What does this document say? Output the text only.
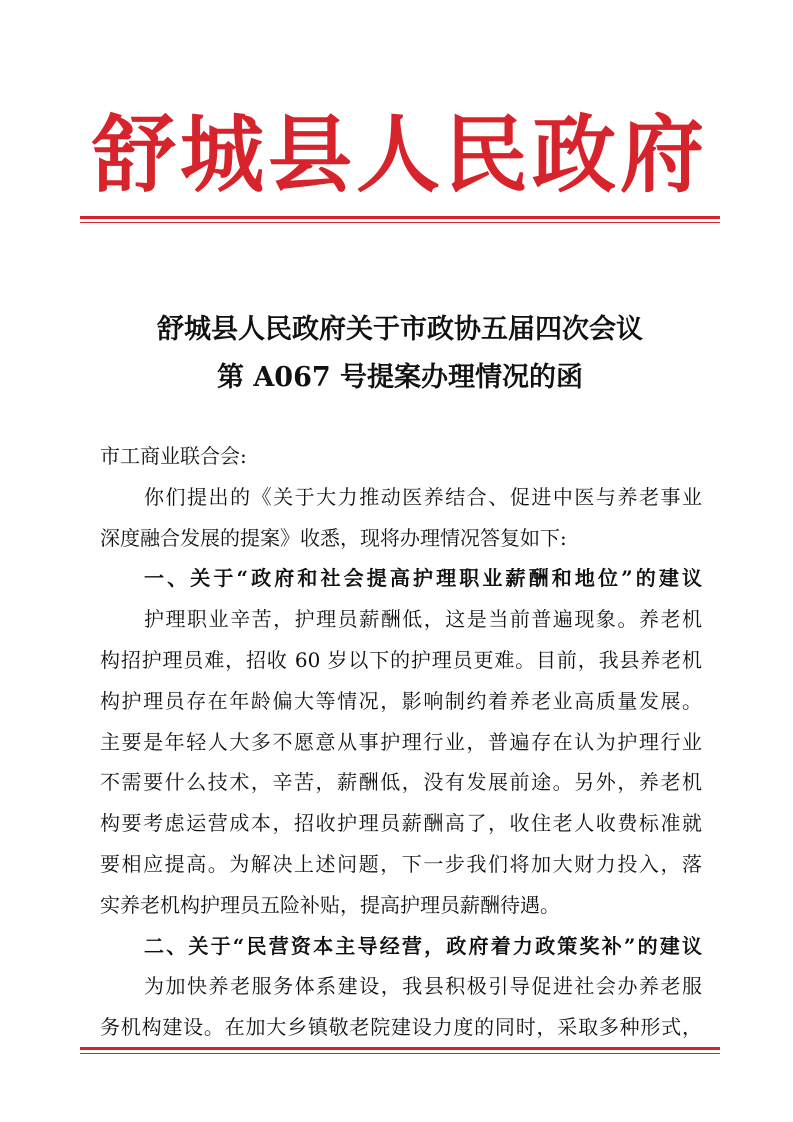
舒城县人民政府
舒城县人民政府关于市政协五届四次会议
第 A067 号提案办理情况的函
市工商业联合会:
你们提出的《关于大力推动医养结合、促进中医与养老事业
深度融合发展的提案》收悉，现将办理情况答复如下:
一、关于“政府和社会提高护理职业薪酬和地位”的建议
护理职业辛苦，护理员薪酬低，这是当前普遍现象。养老机
构招护理员难，招收 60 岁以下的护理员更难。目前，我县养老机
构护理员存在年龄偏大等情况，影响制约着养老业高质量发展。
主要是年轻人大多不愿意从事护理行业，普遍存在认为护理行业
不需要什么技术，辛苦，薪酬低，没有发展前途。另外，养老机
构要考虑运营成本，招收护理员薪酬高了，收住老人收费标准就
要相应提高。为解决上述问题，下一步我们将加大财力投入，落
实养老机构护理员五险补贴，提高护理员薪酬待遇。
二、关于“民营资本主导经营，政府着力政策奖补”的建议
为加快养老服务体系建设，我县积极引导促进社会办养老服
务机构建设。在加大乡镇敬老院建设力度的同时，采取多种形式，
